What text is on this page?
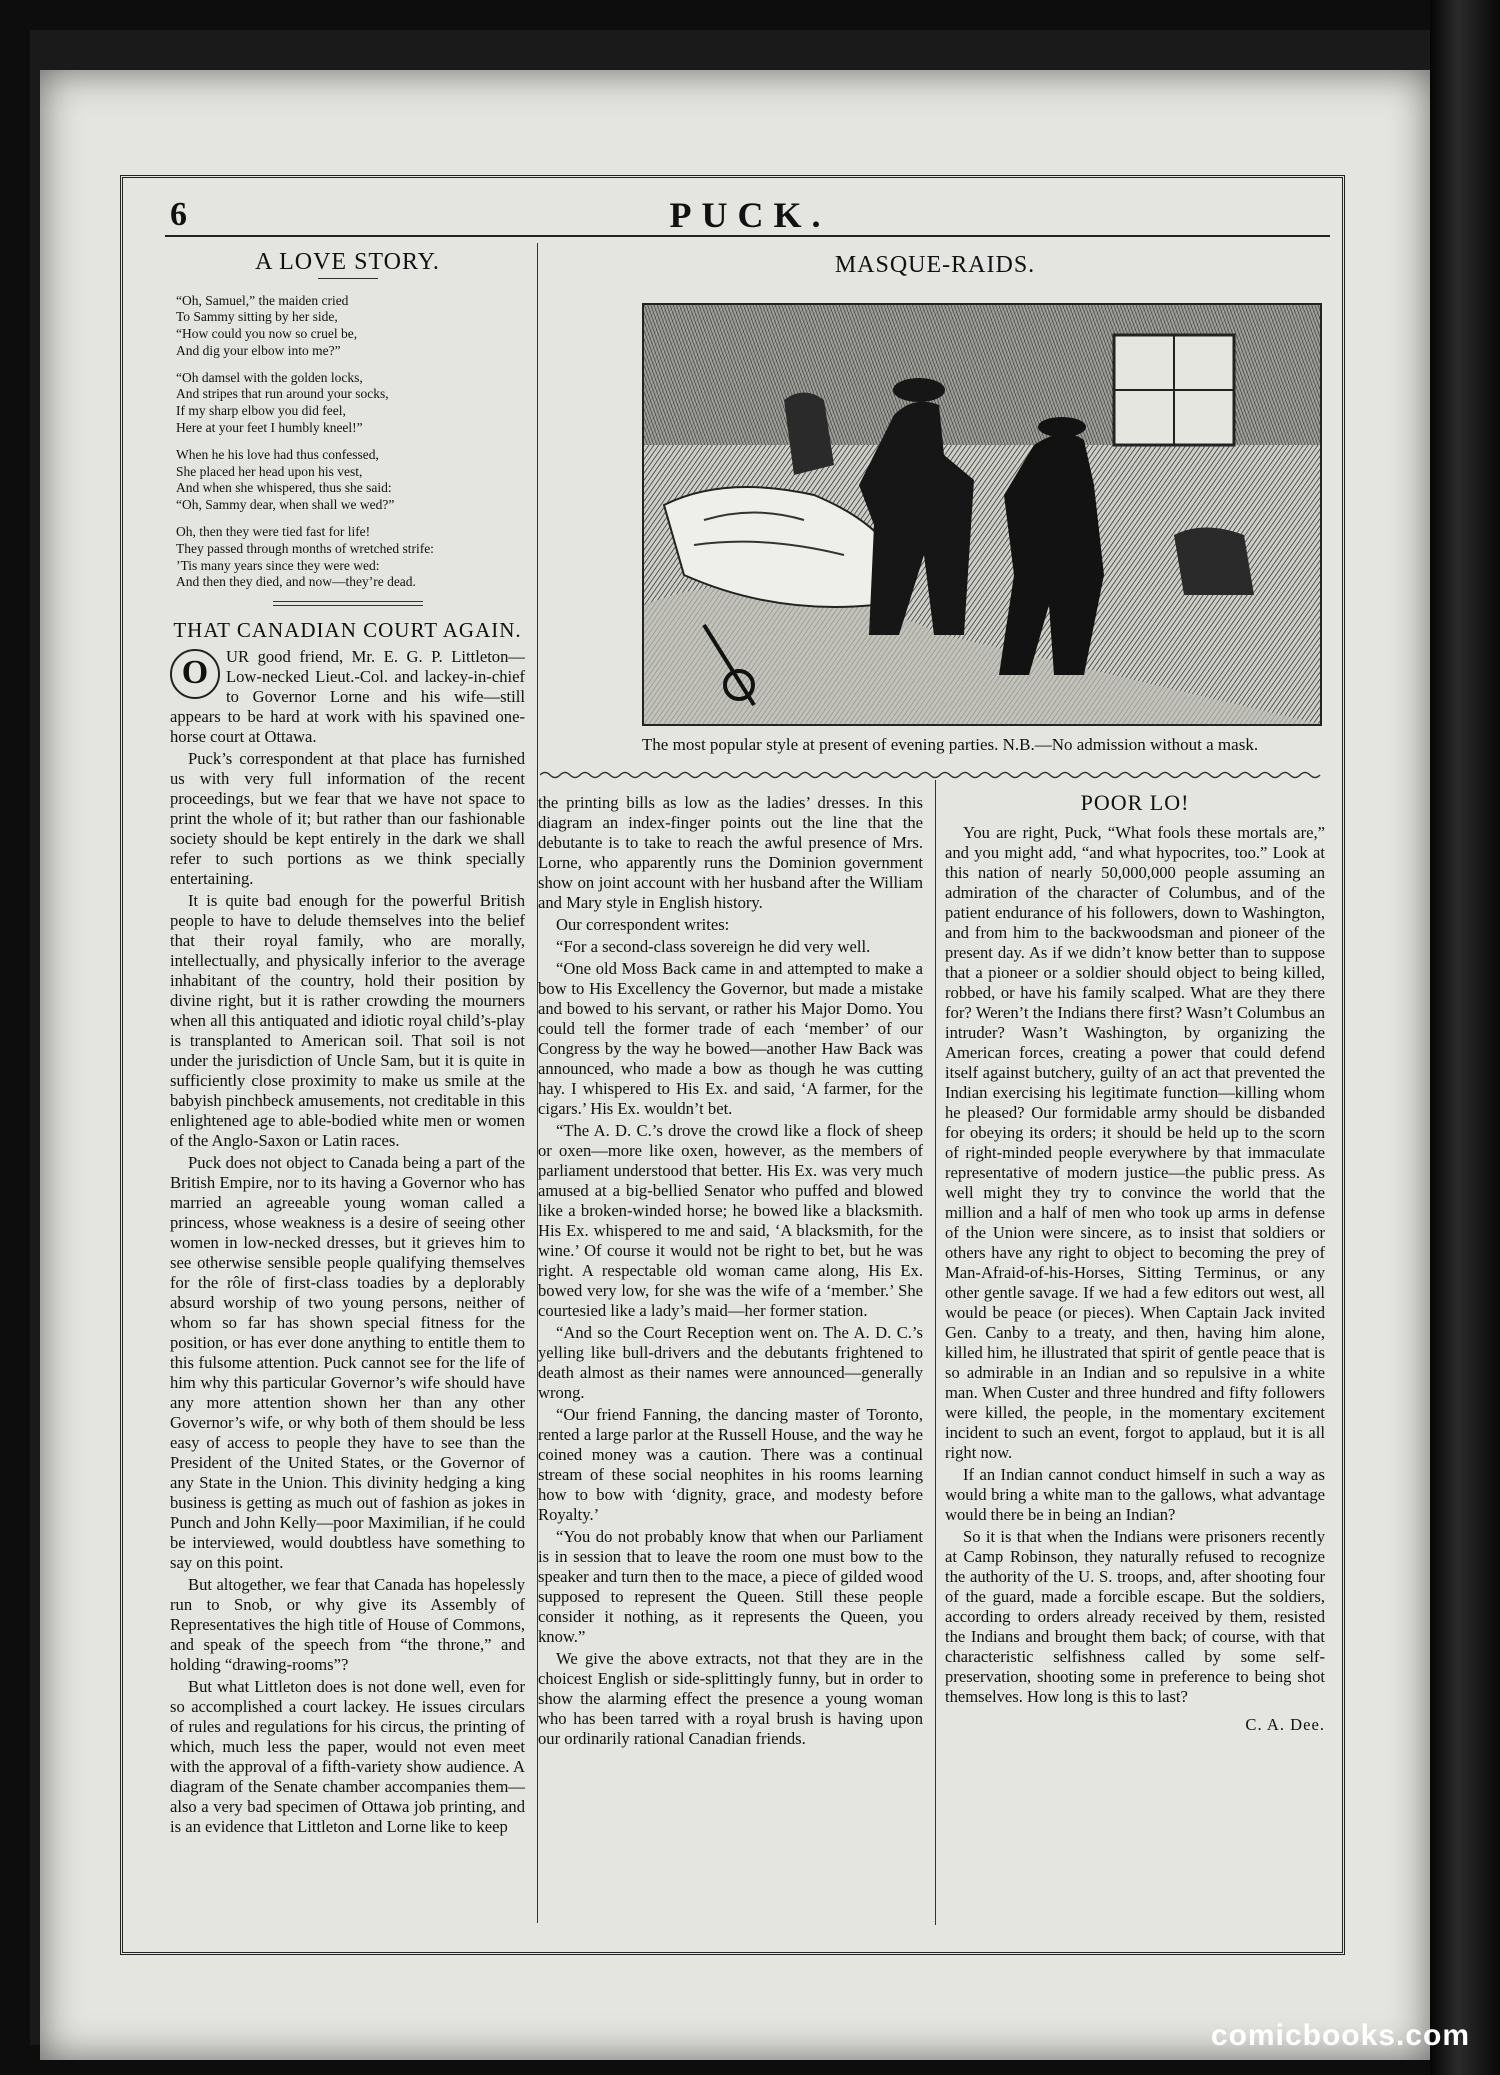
6	PUCK.
A LOVE STORY.
“Oh, Samuel,” the maiden cried
To Sammy sitting by her side,
“How could you now so cruel be,
And dig your elbow into me?”
“Oh damsel with the golden locks,
And stripes that run around your socks,
If my sharp elbow you did feel,
Here at your feet I humbly kneel!”
When he his love had thus confessed,
She placed her head upon his vest,
And when she whispered, thus she said:
“Oh, Sammy dear, when shall we wed?”
Oh, then they were tied fast for life!
They passed through months of wretched strife:
’Tis many years since they were wed:
And then they died, and now—they’re dead.
THAT CANADIAN COURT AGAIN.

O	UR good friend, Mr. E. G. P. Littleton—Low-necked Lieut.-Col. and lackey-in-chief to Governor Lorne and his wife—still appears to be hard at work with his spavined one-horse court at Ottawa.

Puck’s correspondent at that place has furnished us with very full information of the recent proceedings, but we fear that we have not space to print the whole of it; but rather than our fashionable society should be kept entirely in the dark we shall refer to such portions as we think specially entertaining.

It is quite bad enough for the powerful British people to have to delude themselves into the belief that their royal family, who are morally, intellectually, and physically inferior to the average inhabitant of the country, hold their position by divine right, but it is rather crowding the mourners when all this antiquated and idiotic royal child’s-play is transplanted to American soil. That soil is not under the jurisdiction of Uncle Sam, but it is quite in sufficiently close proximity to make us smile at the babyish pinchbeck amusements, not creditable in this enlightened age to able-bodied white men or women of the Anglo-Saxon or Latin races.

Puck does not object to Canada being a part of the British Empire, nor to its having a Governor who has married an agreeable young woman called a princess, whose weakness is a desire of seeing other women in low-necked dresses, but it grieves him to see otherwise sensible people qualifying themselves for the rôle of first-class toadies by a deplorably absurd worship of two young persons, neither of whom so far has shown special fitness for the position, or has ever done anything to entitle them to this fulsome attention. Puck cannot see for the life of him why this particular Governor’s wife should have any more attention shown her than any other Governor’s wife, or why both of them should be less easy of access to people they have to see than the President of the United States, or the Governor of any State in the Union. This divinity hedging a king business is getting as much out of fashion as jokes in Punch and John Kelly—poor Maximilian, if he could be interviewed, would doubtless have something to say on this point.

But altogether, we fear that Canada has hopelessly run to Snob, or why give its Assembly of Representatives the high title of House of Commons, and speak of the speech from “the throne,” and holding “drawing-rooms”?

But what Littleton does is not done well, even for so accomplished a court lackey. He issues circulars of rules and regulations for his circus, the printing of which, much less the paper, would not even meet with the approval of a fifth-variety show audience. A diagram of the Senate chamber accompanies them—also a very bad specimen of Ottawa job printing, and is an evidence that Littleton and Lorne like to keep

MASQUE-RAIDS.
The most popular style at present of evening parties. N.B.—No admission without a mask.

the printing bills as low as the ladies’ dresses. In this diagram an index-finger points out the line that the debutante is to take to reach the awful presence of Mrs. Lorne, who apparently runs the Dominion government show on joint account with her husband after the William and Mary style in English history.

Our correspondent writes:

“For a second-class sovereign he did very well.

“One old Moss Back came in and attempted to make a bow to His Excellency the Governor, but made a mistake and bowed to his servant, or rather his Major Domo. You could tell the former trade of each ‘member’ of our Congress by the way he bowed—another Haw Back was announced, who made a bow as though he was cutting hay. I whispered to His Ex. and said, ‘A farmer, for the cigars.’ His Ex. wouldn’t bet.

“The A. D. C.’s drove the crowd like a flock of sheep or oxen—more like oxen, however, as the members of parliament understood that better. His Ex. was very much amused at a big-bellied Senator who puffed and blowed like a broken-winded horse; he bowed like a blacksmith. His Ex. whispered to me and said, ‘A blacksmith, for the wine.’ Of course it would not be right to bet, but he was right. A respectable old woman came along, His Ex. bowed very low, for she was the wife of a ‘member.’ She courtesied like a lady’s maid—her former station.

“And so the Court Reception went on. The A. D. C.’s yelling like bull-drivers and the debutants frightened to death almost as their names were announced—generally wrong.

“Our friend Fanning, the dancing master of Toronto, rented a large parlor at the Russell House, and the way he coined money was a caution. There was a continual stream of these social neophites in his rooms learning how to bow with ‘dignity, grace, and modesty before Royalty.’

“You do not probably know that when our Parliament is in session that to leave the room one must bow to the speaker and turn then to the mace, a piece of gilded wood supposed to represent the Queen. Still these people consider it nothing, as it represents the Queen, you know.”

We give the above extracts, not that they are in the choicest English or side-splittingly funny, but in order to show the alarming effect the presence a young woman who has been tarred with a royal brush is having upon our ordinarily rational Canadian friends.

POOR LO!

You are right, Puck, “What fools these mortals are,” and you might add, “and what hypocrites, too.” Look at this nation of nearly 50,000,000 people assuming an admiration of the character of Columbus, and of the patient endurance of his followers, down to Washington, and from him to the backwoodsman and pioneer of the present day. As if we didn’t know better than to suppose that a pioneer or a soldier should object to being killed, robbed, or have his family scalped. What are they there for? Weren’t the Indians there first? Wasn’t Columbus an intruder? Wasn’t Washington, by organizing the American forces, creating a power that could defend itself against butchery, guilty of an act that prevented the Indian exercising his legitimate function—killing whom he pleased? Our formidable army should be disbanded for obeying its orders; it should be held up to the scorn of right-minded people everywhere by that immaculate representative of modern justice—the public press. As well might they try to convince the world that the million and a half of men who took up arms in defense of the Union were sincere, as to insist that soldiers or others have any right to object to becoming the prey of Man-Afraid-of-his-Horses, Sitting Terminus, or any other gentle savage. If we had a few editors out west, all would be peace (or pieces). When Captain Jack invited Gen. Canby to a treaty, and then, having him alone, killed him, he illustrated that spirit of gentle peace that is so admirable in an Indian and so repulsive in a white man. When Custer and three hundred and fifty followers were killed, the people, in the momentary excitement incident to such an event, forgot to applaud, but it is all right now.

If an Indian cannot conduct himself in such a way as would bring a white man to the gallows, what advantage would there be in being an Indian?

So it is that when the Indians were prisoners recently at Camp Robinson, they naturally refused to recognize the authority of the U. S. troops, and, after shooting four of the guard, made a forcible escape. But the soldiers, according to orders already received by them, resisted the Indians and brought them back; of course, with that characteristic selfishness called by some self-preservation, shooting some in preference to being shot themselves. How long is this to last?

C. A. Dee.
comicbooks.com
